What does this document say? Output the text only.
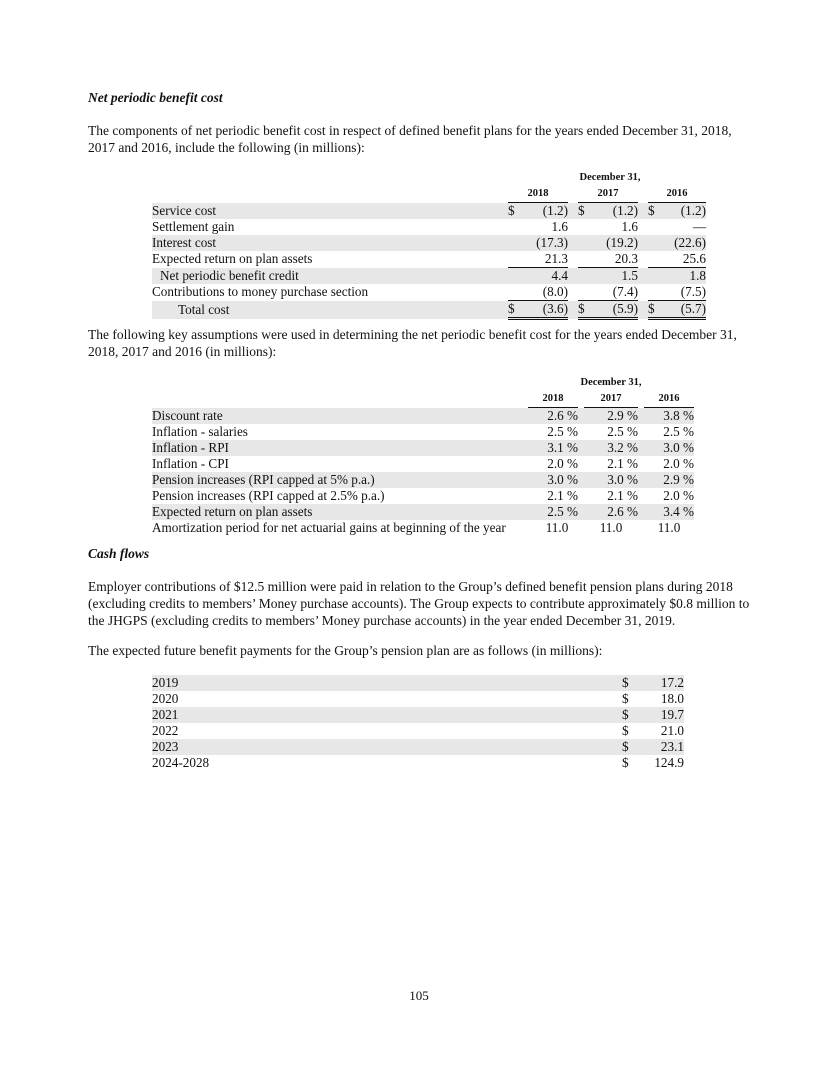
Net periodic benefit cost
The components of net periodic benefit cost in respect of defined benefit plans for the years ended December 31, 2018, 2017 and 2016, include the following (in millions):
	December 31,							
	2018			2017			2016	
Service cost	$	(1.2)		$	(1.2)		$	(1.2)
Settlement gain		1.6			1.6			—
Interest cost		(17.3)			(19.2)			(22.6)
Expected return on plan assets		21.3			20.3			25.6
Net periodic benefit credit		4.4			1.5			1.8
Contributions to money purchase section		(8.0)			(7.4)			(7.5)
Total cost	$	(3.6)		$	(5.9)		$	(5.7)
The following key assumptions were used in determining the net periodic benefit cost for the years ended December 31, 2018, 2017 and 2016 (in millions):
	December 31,				
	2018		2017		2016
Discount rate	2.6 %		2.9 %		3.8 %
Inflation - salaries	2.5 %		2.5 %		2.5 %
Inflation - RPI	3.1 %		3.2 %		3.0 %
Inflation - CPI	2.0 %		2.1 %		2.0 %
Pension increases (RPI capped at 5% p.a.)	3.0 %		3.0 %		2.9 %
Pension increases (RPI capped at 2.5% p.a.)	2.1 %		2.1 %		2.0 %
Expected return on plan assets	2.5 %		2.6 %		3.4 %
Amortization period for net actuarial gains at beginning of the year	11.0		11.0		11.0
Cash flows
Employer contributions of $12.5 million were paid in relation to the Group’s defined benefit pension plans during 2018 (excluding credits to members’ Money purchase accounts). The Group expects to contribute approximately $0.8 million to the JHGPS (excluding credits to members’ Money purchase accounts) in the year ended December 31, 2019.
The expected future benefit payments for the Group’s pension plan are as follows (in millions):
2019	$	17.2
2020	$	18.0
2021	$	19.7
2022	$	21.0
2023	$	23.1
2024-2028	$	124.9
105
